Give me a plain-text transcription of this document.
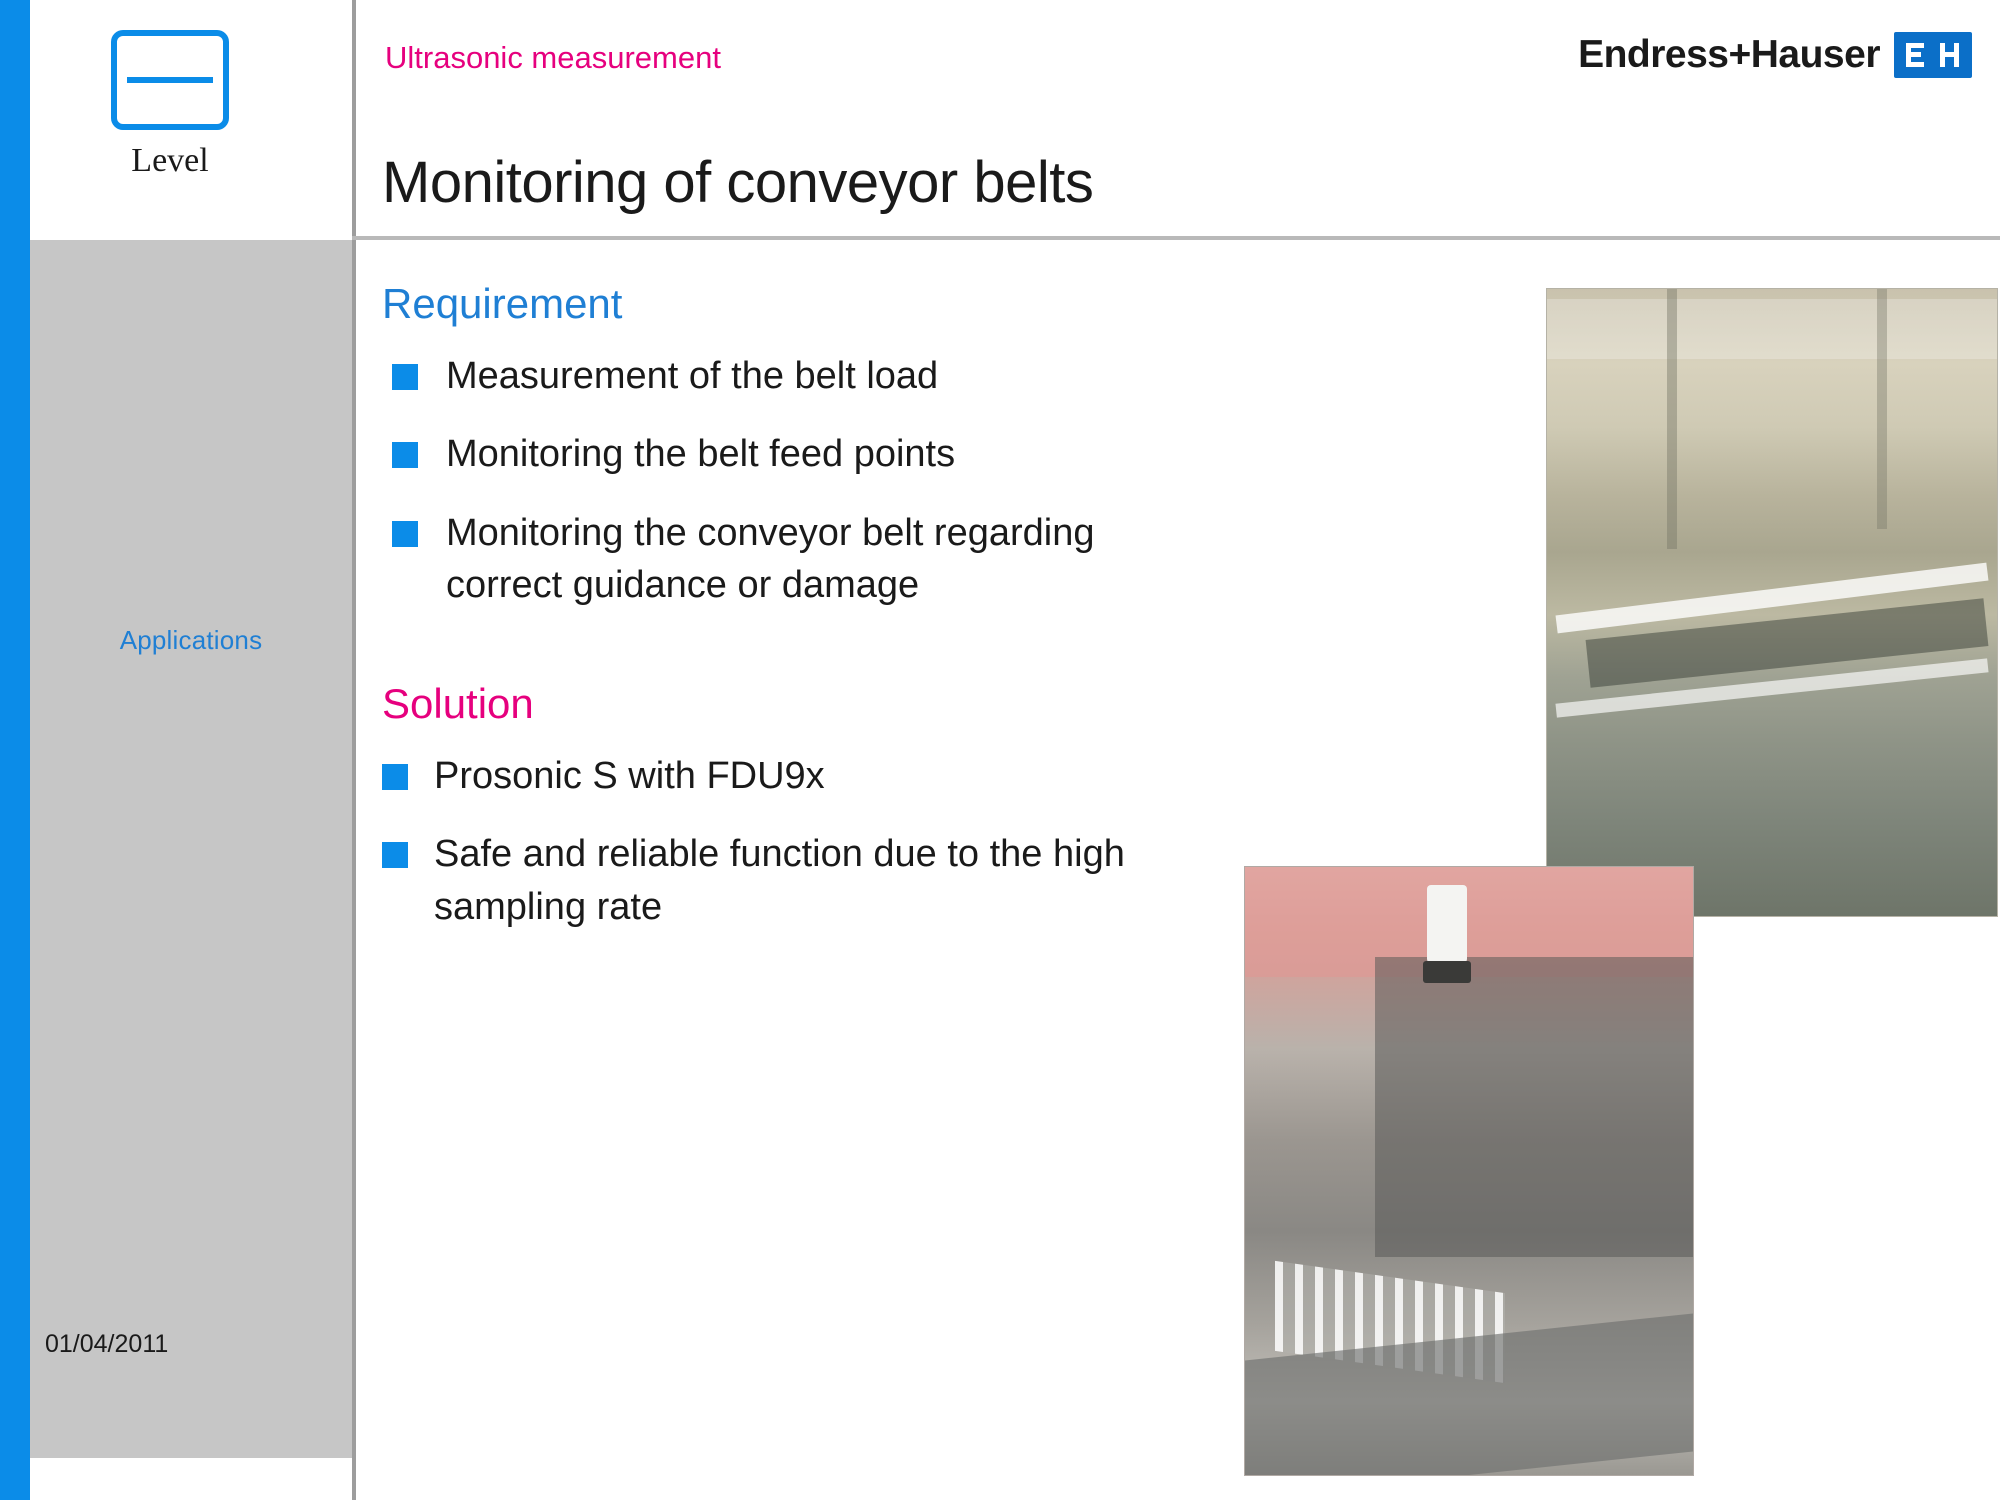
Applications
Level
Ultrasonic measurement
Monitoring of conveyor belts
Endress+Hauser
Requirement
Measurement of the belt load
Monitoring the belt feed points
Monitoring the conveyor belt regarding correct guidance or damage
Solution
Prosonic S with FDU9x
Safe and reliable function due to the high sampling rate
01/04/2011
